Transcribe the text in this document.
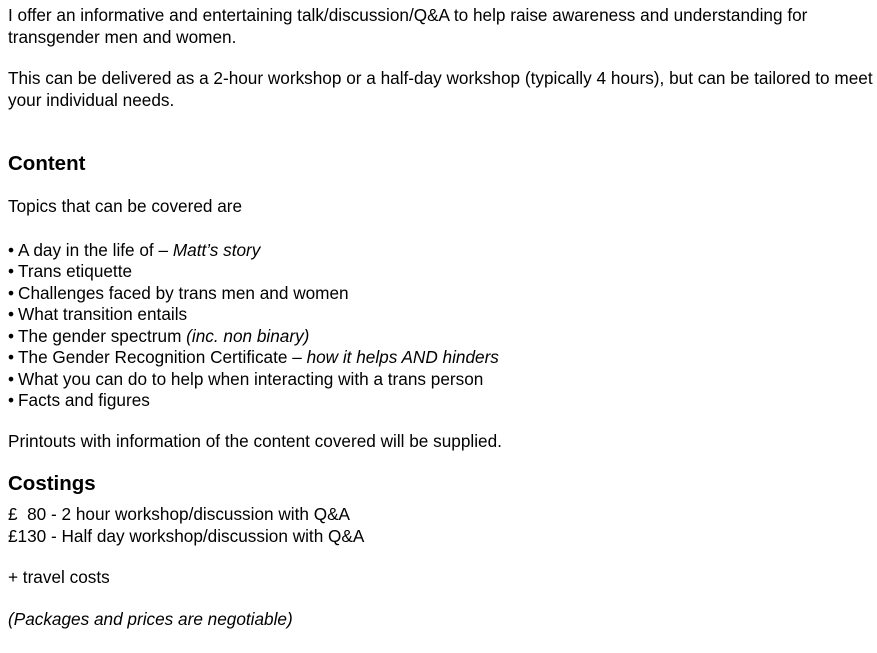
I offer an informative and entertaining talk/discussion/Q&A to help raise awareness and understanding for transgender men and women.

This can be delivered as a 2-hour workshop or a half-day workshop (typically 4 hours), but can be tailored to meet your individual needs.

Content

Topics that can be covered are

• A day in the life of – Matt’s story
• Trans etiquette
• Challenges faced by trans men and women
• What transition entails
• The gender spectrum (inc. non binary)
• The Gender Recognition Certificate – how it helps AND hinders
• What you can do to help when interacting with a trans person
• Facts and figures

Printouts with information of the content covered will be supplied.

Costings

£  80 - 2 hour workshop/discussion with Q&A

£130 - Half day workshop/discussion with Q&A

+ travel costs

(Packages and prices are negotiable)
